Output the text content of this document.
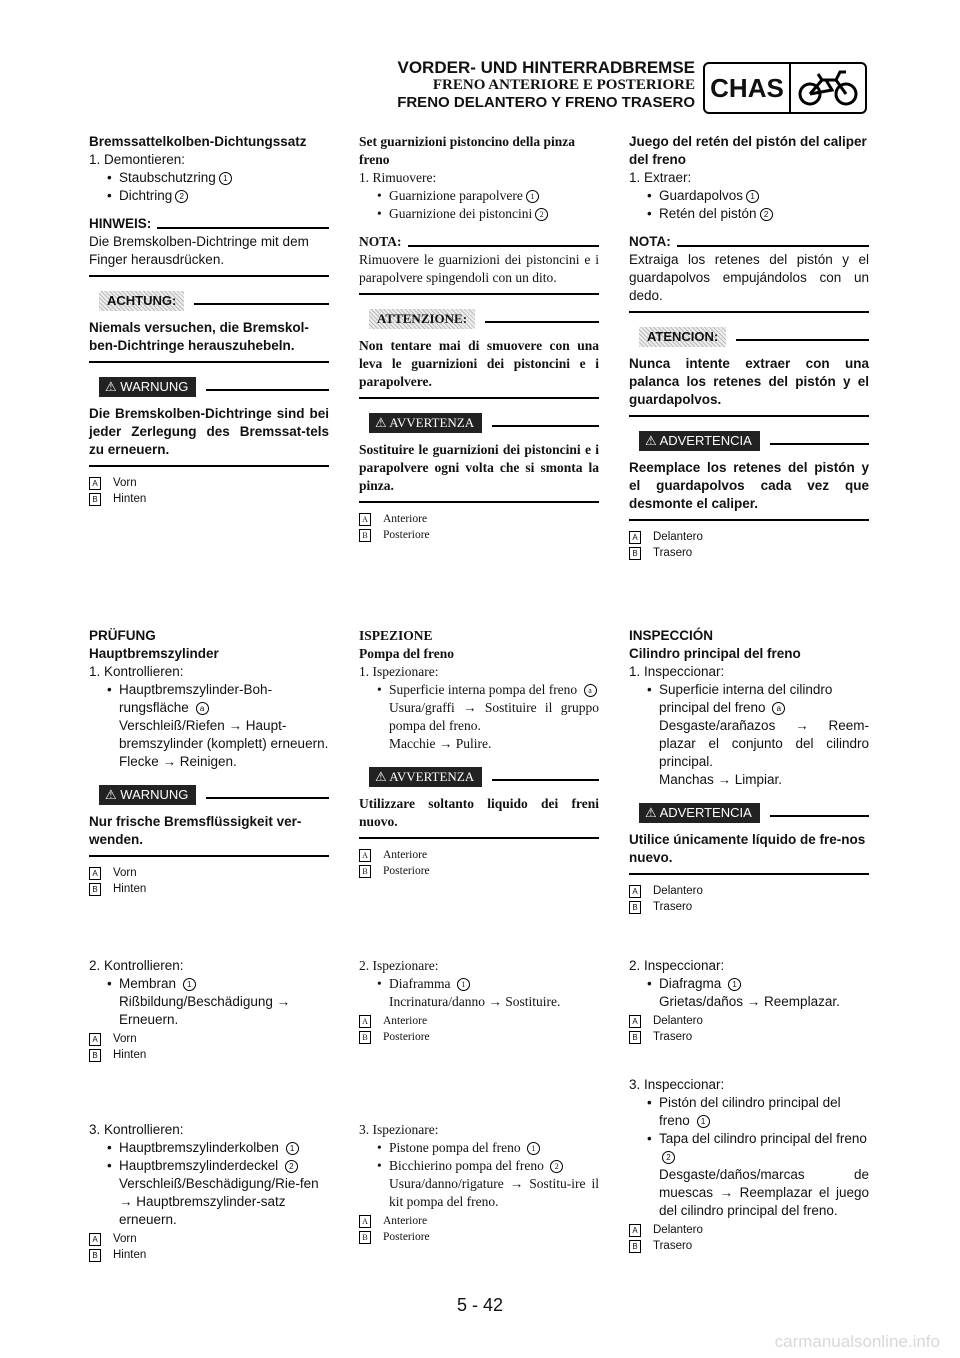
VORDER- UND HINTERRADBREMSE
FRENO ANTERIORE E POSTERIORE
FRENO DELANTERO Y FRENO TRASERO CHAS
Bremssattelkolben-Dichtungssatz
1. Demontieren:
• Staubschutzring 1
• Dichtring 2
HINWEIS:
Die Bremskolben-Dichtringe mit dem Finger herausdrücken.
ACHTUNG:
Niemals versuchen, die Bremskol-ben-Dichtringe herauszuhebeln.
⚠ WARNUNG
Die Bremskolben-Dichtringe sind bei jeder Zerlegung des Bremssat-tels zu erneuern.
A Vorn
B Hinten
PRÜFUNG
Hauptbremszylinder
1. Kontrollieren:
• Hauptbremszylinder-Boh-rungsfläche a
Verschleiß/Riefen → Haupt-bremszylinder (komplett) erneuern.
Flecke → Reinigen.
⚠ WARNUNG
Nur frische Bremsflüssigkeit ver-wenden.
A Vorn
B Hinten
2. Kontrollieren:
• Membran 1
Rißbildung/Beschädigung → Erneuern.
A Vorn
B Hinten
3. Kontrollieren:
• Hauptbremszylinderkolben 1
• Hauptbremszylinderdeckel 2
Verschleiß/Beschädigung/Rie-fen → Hauptbremszylinder-satz erneuern.
A Vorn
B Hinten
Set guarnizioni pistoncino della pinza freno
1. Rimuovere:
• Guarnizione parapolvere 1
• Guarnizione dei pistoncini 2
NOTA:
Rimuovere le guarnizioni dei pistoncini e i parapolvere spingendoli con un dito.
ATTENZIONE:
Non tentare mai di smuovere con una leva le guarnizioni dei pistoncini e i parapolvere.
⚠ AVVERTENZA
Sostituire le guarnizioni dei pistoncini e i parapolvere ogni volta che si smonta la pinza.
A Anteriore
B Posteriore
ISPEZIONE
Pompa del freno
1. Ispezionare:
• Superficie interna pompa del freno a
Usura/graffi → Sostituire il gruppo pompa del freno.
Macchie → Pulire.
⚠ AVVERTENZA
Utilizzare soltanto liquido dei freni nuovo.
A Anteriore
B Posteriore
2. Ispezionare:
• Diaframma 1
Incrinatura/danno → Sostituire.
A Anteriore
B Posteriore
3. Ispezionare:
• Pistone pompa del freno 1
• Bicchierino pompa del freno 2
Usura/danno/rigature → Sostitu-ire il kit pompa del freno.
A Anteriore
B Posteriore
Juego del retén del pistón del caliper del freno
1. Extraer:
• Guardapolvos 1
• Retén del pistón 2
NOTA:
Extraiga los retenes del pistón y el guardapolvos empujándolos con un dedo.
ATENCION:
Nunca intente extraer con una palanca los retenes del pistón y el guardapolvos.
⚠ ADVERTENCIA
Reemplace los retenes del pistón y el guardapolvos cada vez que desmonte el caliper.
A Delantero
B Trasero
INSPECCIÓN
Cilindro principal del freno
1. Inspeccionar:
• Superficie interna del cilindro principal del freno a
Desgaste/arañazos → Reem-plazar el conjunto del cilindro principal.
Manchas → Limpiar.
⚠ ADVERTENCIA
Utilice únicamente líquido de fre-nos nuevo.
A Delantero
B Trasero
2. Inspeccionar:
• Diafragma 1
Grietas/daños → Reemplazar.
A Delantero
B Trasero
3. Inspeccionar:
• Pistón del cilindro principal del freno 1
• Tapa del cilindro principal del freno 2
Desgaste/daños/marcas de muescas → Reemplazar el juego del cilindro principal del freno.
A Delantero
B Trasero
5 - 42
carmanualsonline.info
